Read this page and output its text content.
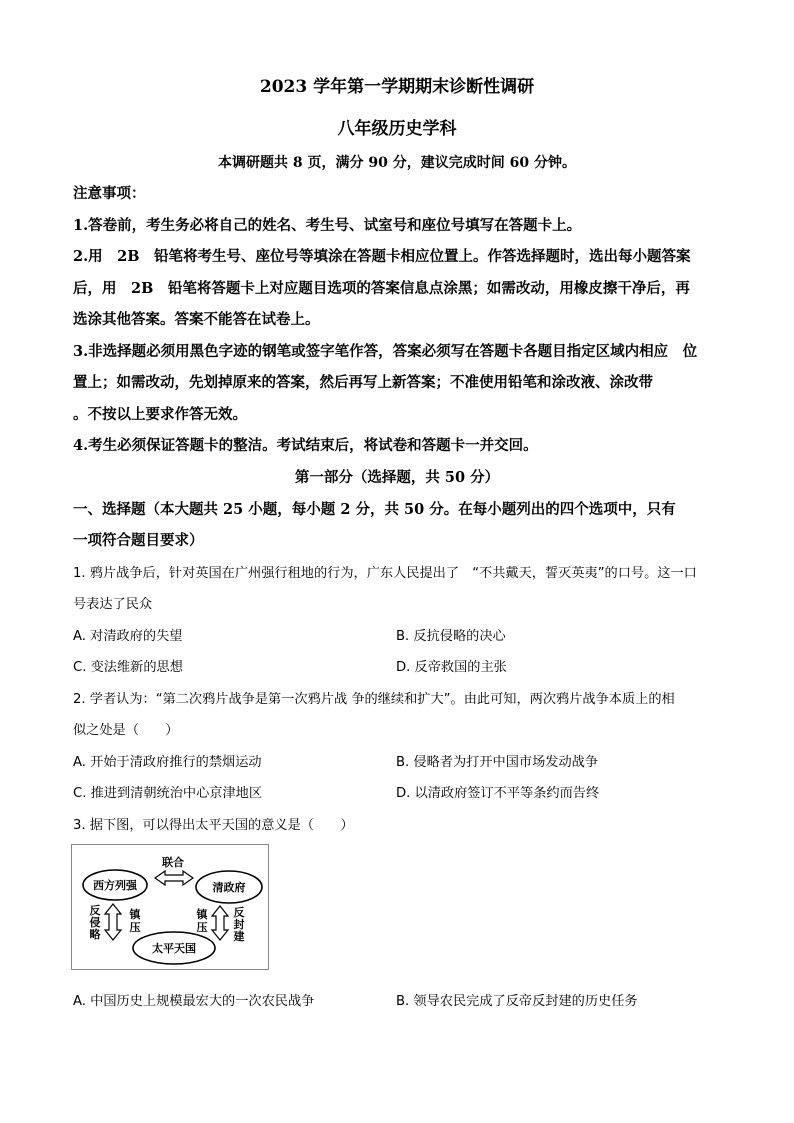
2023 学年第一学期期末诊断性调研
八年级历史学科
本调研题共 8 页，满分 90 分，建议完成时间 60 分钟。
注意事项：
1.答卷前，考生务必将自己的姓名、考生号、试室号和座位号填写在答题卡上。
2.用　2B　铅笔将考生号、座位号等填涂在答题卡相应位置上。作答选择题时，选出每小题答案
后，用　2B　铅笔将答题卡上对应题目选项的答案信息点涂黑；如需改动，用橡皮擦干净后，再
选涂其他答案。答案不能答在试卷上。
3.非选择题必须用黑色字迹的钢笔或签字笔作答，答案必须写在答题卡各题目指定区域内相应　位
置上；如需改动，先划掉原来的答案，然后再写上新答案；不准使用铅笔和涂改液、涂改带
。不按以上要求作答无效。
4.考生必须保证答题卡的整洁。考试结束后，将试卷和答题卡一并交回。
第一部分（选择题，共 50 分）
一、选择题（本大题共 25 小题，每小题 2 分，共 50 分。在每小题列出的四个选项中，只有
一项符合题目要求）
1. 鸦片战争后，针对英国在广州强行租地的行为，广东人民提出了　“不共戴天，誓灭英夷”的口号。这一口
号表达了民众
A. 对清政府的失望	B. 反抗侵略的决心
C. 变法维新的思想	D. 反帝救国的主张
2. 学者认为：“第二次鸦片战争是第一次鸦片战 争的继续和扩大”。由此可知，两次鸦片战争本质上的相
似之处是（　　）
A. 开始于清政府推行的禁烟运动	B. 侵略者为打开中国市场发动战争
C. 推进到清朝统治中心京津地区	D. 以清政府签订不平等条约而告终
3. 据下图，可以得出太平天国的意义是（　　）
西方列强	清政府
太平天国
联合
反
侵
略
镇
压
镇
压
反
封
建
A. 中国历史上规模最宏大的一次农民战争	B. 领导农民完成了反帝反封建的历史任务
